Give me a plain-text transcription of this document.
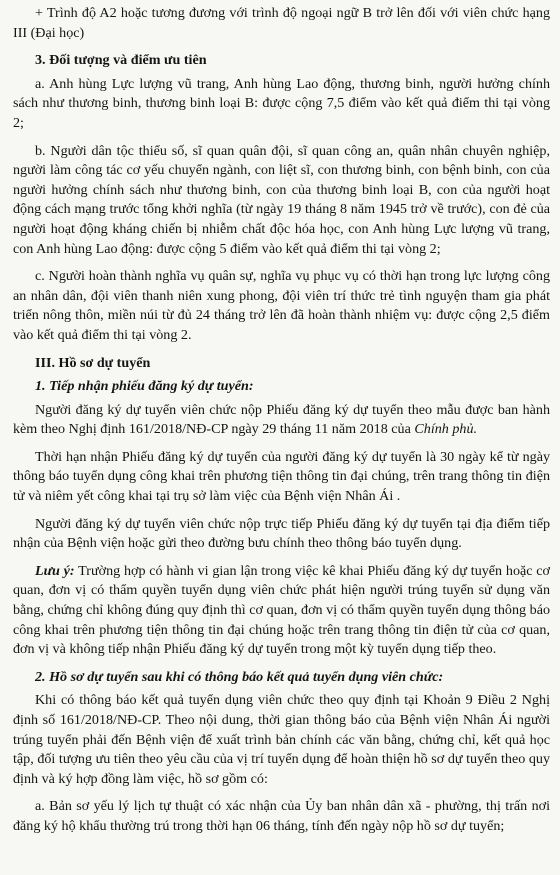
+ Trình độ A2 hoặc tương đương với trình độ ngoại ngữ B trở lên đối với viên chức hạng III (Đại học)

3. Đối tượng và điểm ưu tiên

a. Anh hùng Lực lượng vũ trang, Anh hùng Lao động, thương binh, người hưởng chính sách như thương binh, thương binh loại B: được cộng 7,5 điểm vào kết quả điểm thi tại vòng 2;

b. Người dân tộc thiểu số, sĩ quan quân đội, sĩ quan công an, quân nhân chuyên nghiệp, người làm công tác cơ yếu chuyển ngành, con liệt sĩ, con thương binh, con bệnh binh, con của người hưởng chính sách như thương binh, con của thương binh loại B, con của người hoạt động cách mạng trước tổng khởi nghĩa (từ ngày 19 tháng 8 năm 1945 trở về trước), con đẻ của người hoạt động kháng chiến bị nhiễm chất độc hóa học, con Anh hùng Lực lượng vũ trang, con Anh hùng Lao động: được cộng 5 điểm vào kết quả điểm thi tại vòng 2;

c. Người hoàn thành nghĩa vụ quân sự, nghĩa vụ phục vụ có thời hạn trong lực lượng công an nhân dân, đội viên thanh niên xung phong, đội viên trí thức trẻ tình nguyện tham gia phát triển nông thôn, miền núi từ đủ 24 tháng trở lên đã hoàn thành nhiệm vụ: được cộng 2,5 điểm vào kết quả điểm thi tại vòng 2.

III. Hồ sơ dự tuyển

1. Tiếp nhận phiếu đăng ký dự tuyển:

Người đăng ký dự tuyển viên chức nộp Phiếu đăng ký dự tuyển theo mẫu được ban hành kèm theo Nghị định 161/2018/NĐ-CP ngày 29 tháng 11 năm 2018 của Chính phủ.

Thời hạn nhận Phiếu đăng ký dự tuyển của người đăng ký dự tuyển là 30 ngày kể từ ngày thông báo tuyển dụng công khai trên phương tiện thông tin đại chúng, trên trang thông tin điện tử và niêm yết công khai tại trụ sở làm việc của Bệnh viện Nhân Ái .

Người đăng ký dự tuyển viên chức nộp trực tiếp Phiếu đăng ký dự tuyển tại địa điểm tiếp nhận của Bệnh viện hoặc gửi theo đường bưu chính theo thông báo tuyển dụng.

Lưu ý: Trường hợp có hành vi gian lận trong việc kê khai Phiếu đăng ký dự tuyển hoặc cơ quan, đơn vị có thẩm quyền tuyển dụng viên chức phát hiện người trúng tuyển sử dụng văn bằng, chứng chỉ không đúng quy định thì cơ quan, đơn vị có thẩm quyền tuyển dụng thông báo công khai trên phương tiện thông tin đại chúng hoặc trên trang thông tin điện tử của cơ quan, đơn vị và không tiếp nhận Phiếu đăng ký dự tuyển trong một kỳ tuyển dụng tiếp theo.

2. Hồ sơ dự tuyển sau khi có thông báo kết quả tuyển dụng viên chức:

Khi có thông báo kết quả tuyển dụng viên chức theo quy định tại Khoản 9 Điều 2 Nghị định số 161/2018/NĐ-CP. Theo nội dung, thời gian thông báo của Bệnh viện Nhân Ái người trúng tuyển phải đến Bệnh viện để xuất trình bản chính các văn bằng, chứng chỉ, kết quả học tập, đối tượng ưu tiên theo yêu cầu của vị trí tuyển dụng để hoàn thiện hồ sơ dự tuyển theo quy định và ký hợp đồng làm việc, hồ sơ gồm có:

a. Bản sơ yếu lý lịch tự thuật có xác nhận của Ủy ban nhân dân xã - phường, thị trấn nơi đăng ký hộ khẩu thường trú trong thời hạn 06 tháng, tính đến ngày nộp hồ sơ dự tuyển;
